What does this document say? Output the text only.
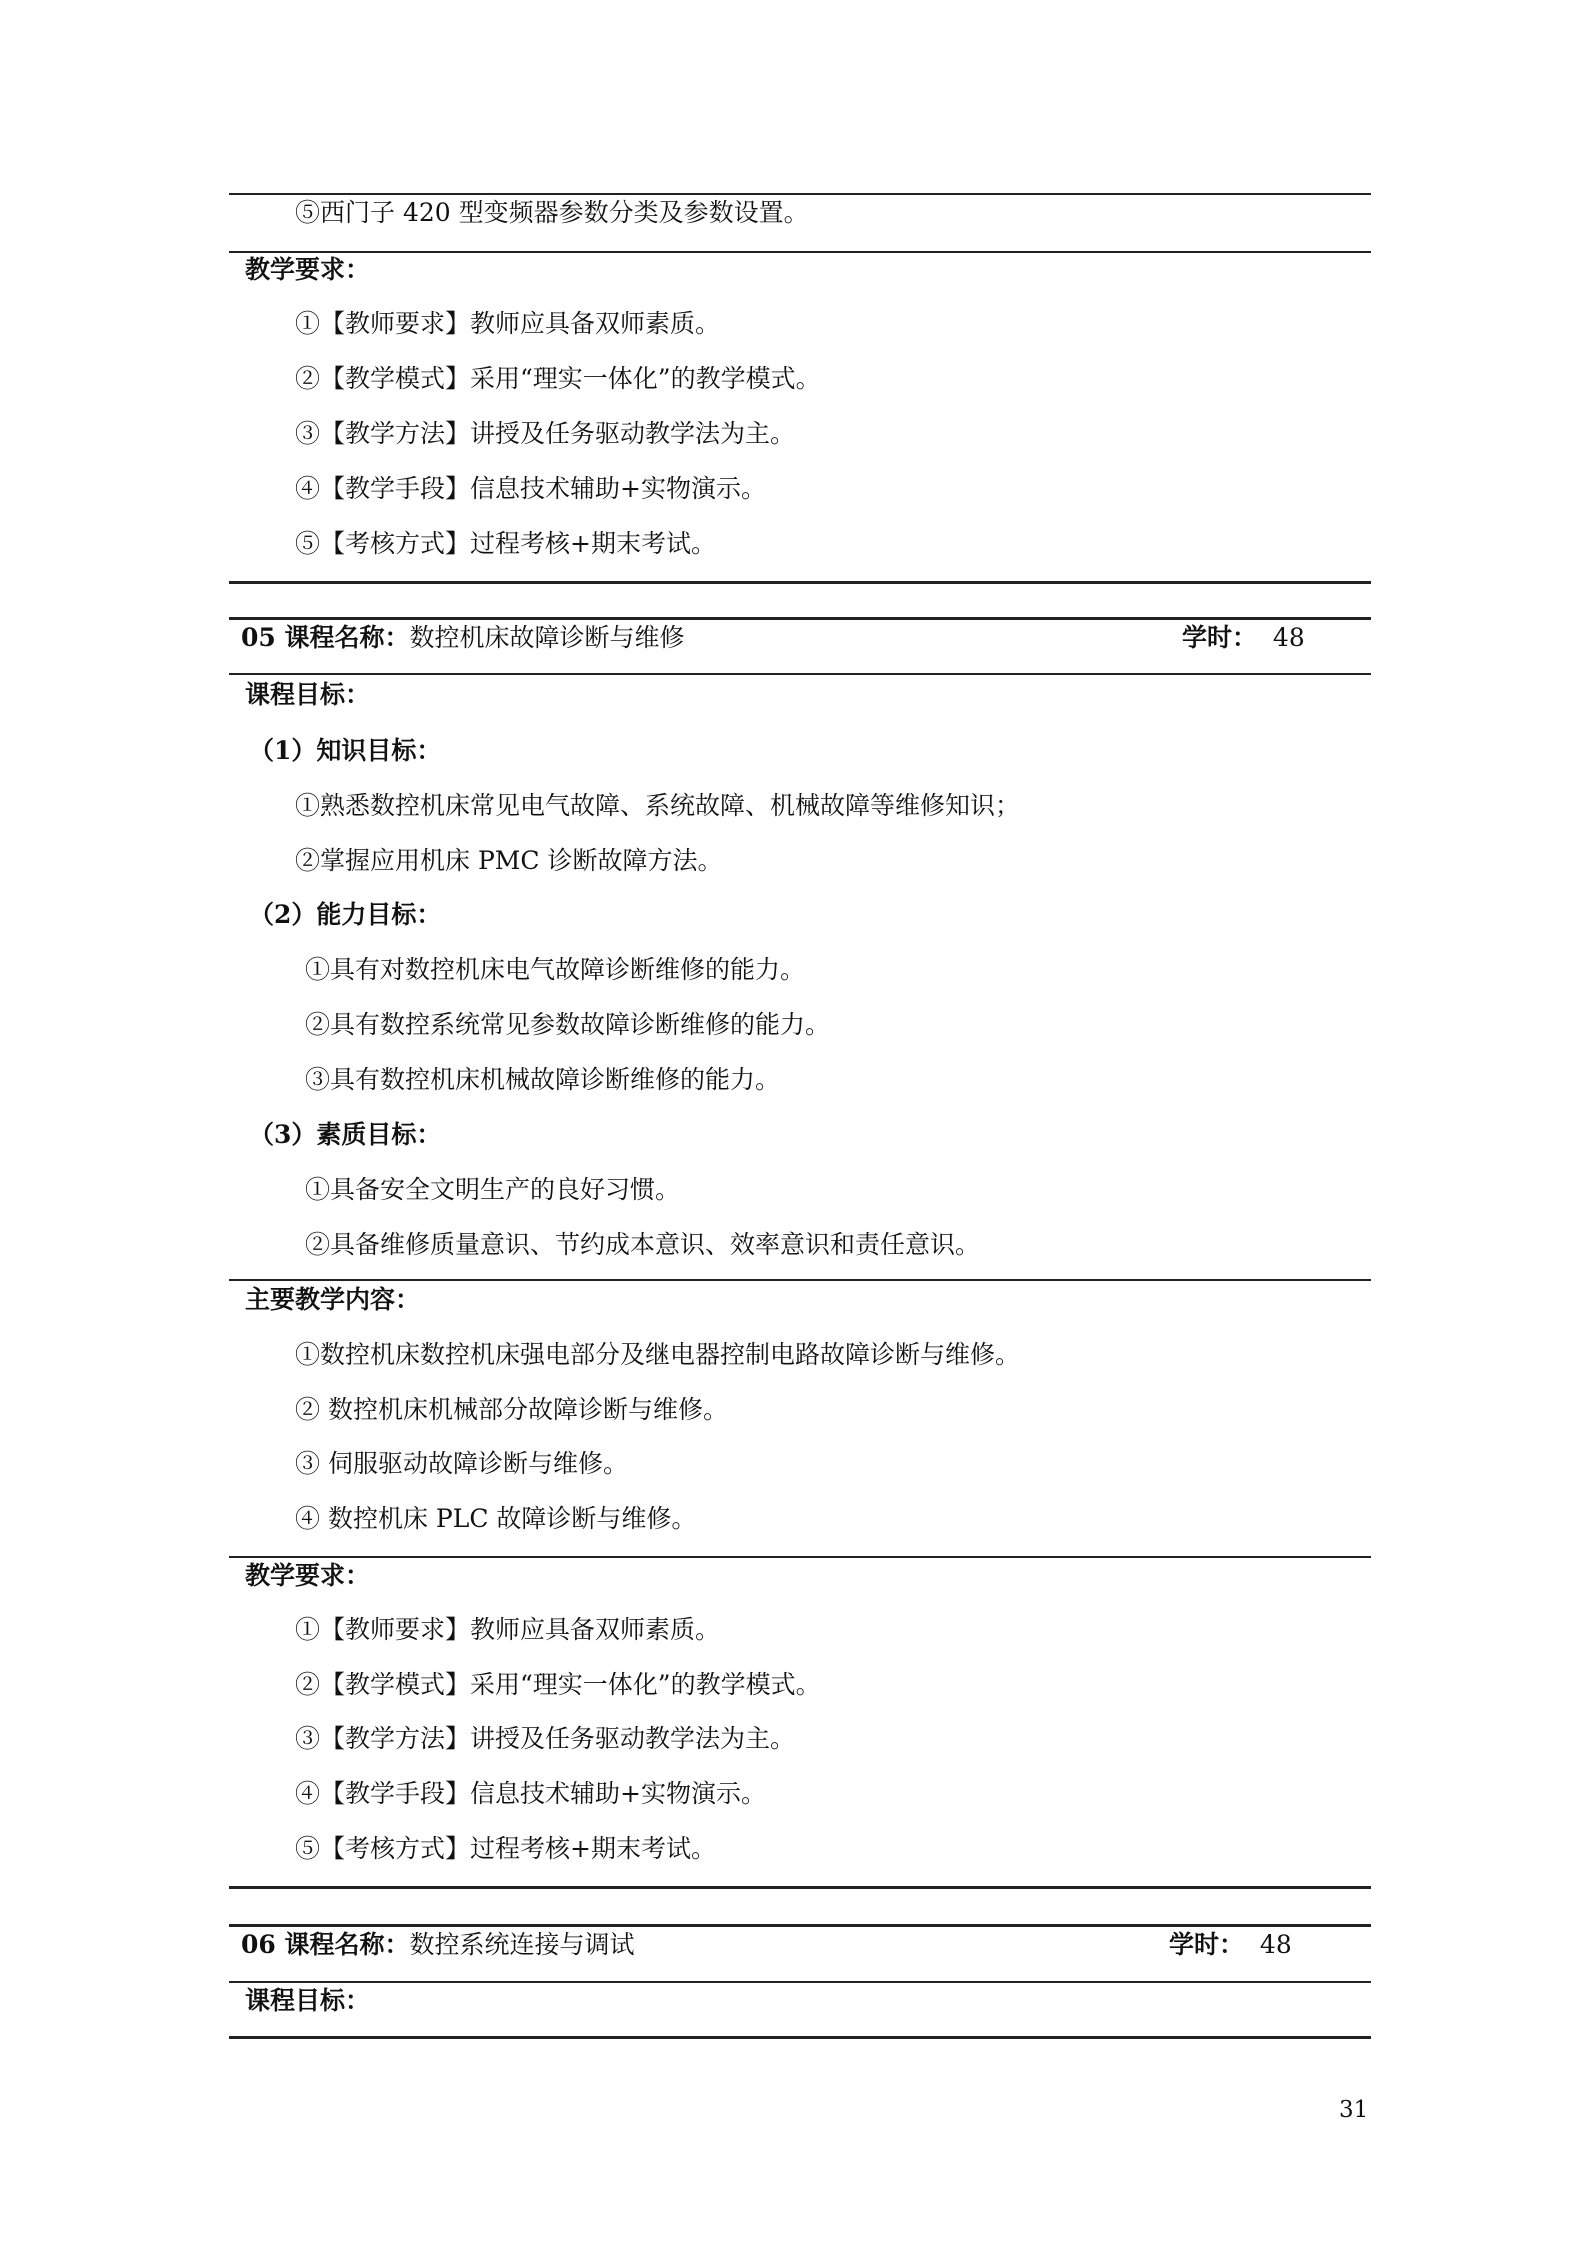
⑤西门子 420 型变频器参数分类及参数设置。
教学要求：
①【教师要求】教师应具备双师素质。
②【教学模式】采用“理实一体化”的教学模式。
③【教学方法】讲授及任务驱动教学法为主。
④【教学手段】信息技术辅助+实物演示。
⑤【考核方式】过程考核+期末考试。
05 课程名称：数控机床故障诊断与维修	学时： 48
课程目标：
（1）知识目标：
①熟悉数控机床常见电气故障、系统故障、机械故障等维修知识；
②掌握应用机床 PMC 诊断故障方法。
（2）能力目标：
①具有对数控机床电气故障诊断维修的能力。
②具有数控系统常见参数故障诊断维修的能力。
③具有数控机床机械故障诊断维修的能力。
（3）素质目标：
①具备安全文明生产的良好习惯。
②具备维修质量意识、节约成本意识、效率意识和责任意识。
主要教学内容：
①数控机床数控机床强电部分及继电器控制电路故障诊断与维修。
② 数控机床机械部分故障诊断与维修。
③ 伺服驱动故障诊断与维修。
④ 数控机床 PLC 故障诊断与维修。
教学要求：
①【教师要求】教师应具备双师素质。
②【教学模式】采用“理实一体化”的教学模式。
③【教学方法】讲授及任务驱动教学法为主。
④【教学手段】信息技术辅助+实物演示。
⑤【考核方式】过程考核+期末考试。
06 课程名称：数控系统连接与调试	学时： 48
课程目标：
31
